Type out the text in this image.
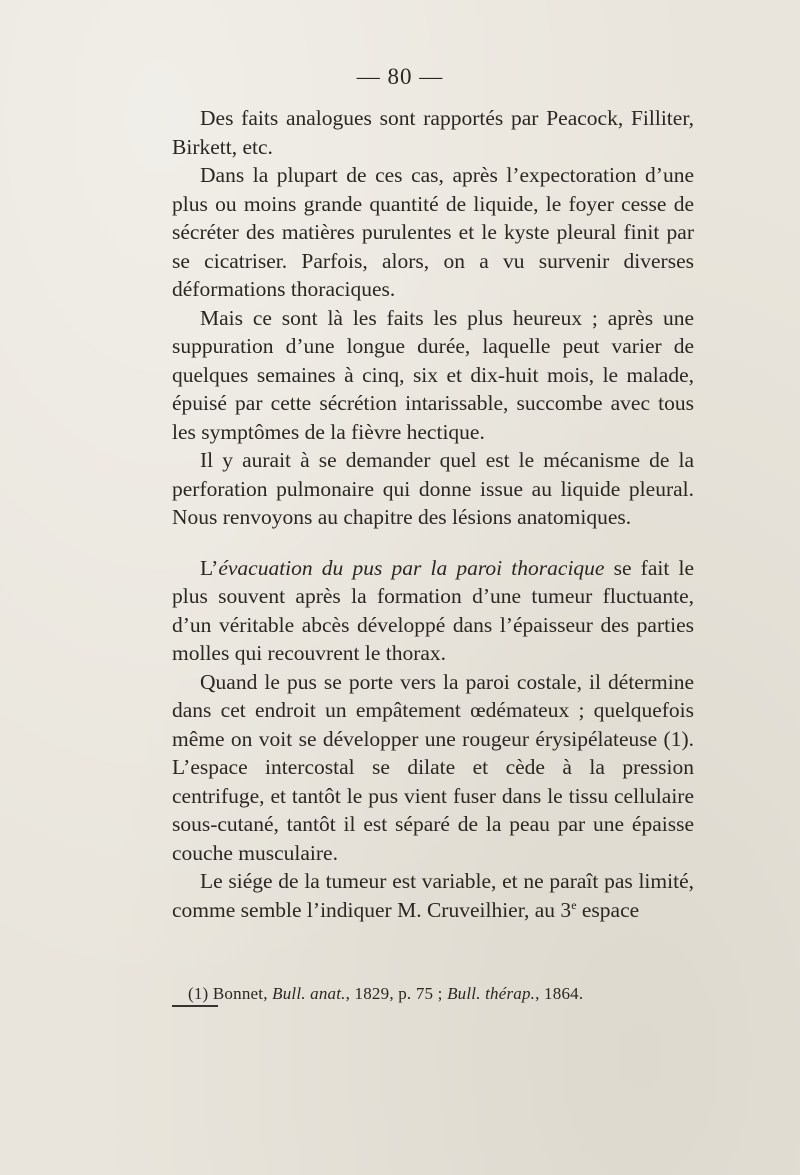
— 80 —

Des faits analogues sont rapportés par Peacock, Filliter, Birkett, etc.

Dans la plupart de ces cas, après l’expectoration d’une plus ou moins grande quantité de liquide, le foyer cesse de sécréter des matières purulentes et le kyste pleural finit par se cicatriser. Parfois, alors, on a vu survenir diverses déformations thoraciques.

Mais ce sont là les faits les plus heureux ; après une suppuration d’une longue durée, laquelle peut varier de quelques semaines à cinq, six et dix-huit mois, le malade, épuisé par cette sécrétion intarissable, succombe avec tous les symptômes de la fièvre hectique.

Il y aurait à se demander quel est le mécanisme de la perforation pulmonaire qui donne issue au liquide pleural. Nous renvoyons au chapitre des lésions anatomiques.

L’évacuation du pus par la paroi thoracique se fait le plus souvent après la formation d’une tumeur fluctuante, d’un véritable abcès développé dans l’épaisseur des parties molles qui recouvrent le thorax.

Quand le pus se porte vers la paroi costale, il détermine dans cet endroit un empâtement œdémateux ; quelquefois même on voit se développer une rougeur érysipélateuse (1). L’espace intercostal se dilate et cède à la pression centrifuge, et tantôt le pus vient fuser dans le tissu cellulaire sous-cutané, tantôt il est séparé de la peau par une épaisse couche musculaire.

Le siége de la tumeur est variable, et ne paraît pas limité, comme semble l’indiquer M. Cruveilhier, au 3e espace

(1) Bonnet, Bull. anat., 1829, p. 75 ; Bull. thérap., 1864.
